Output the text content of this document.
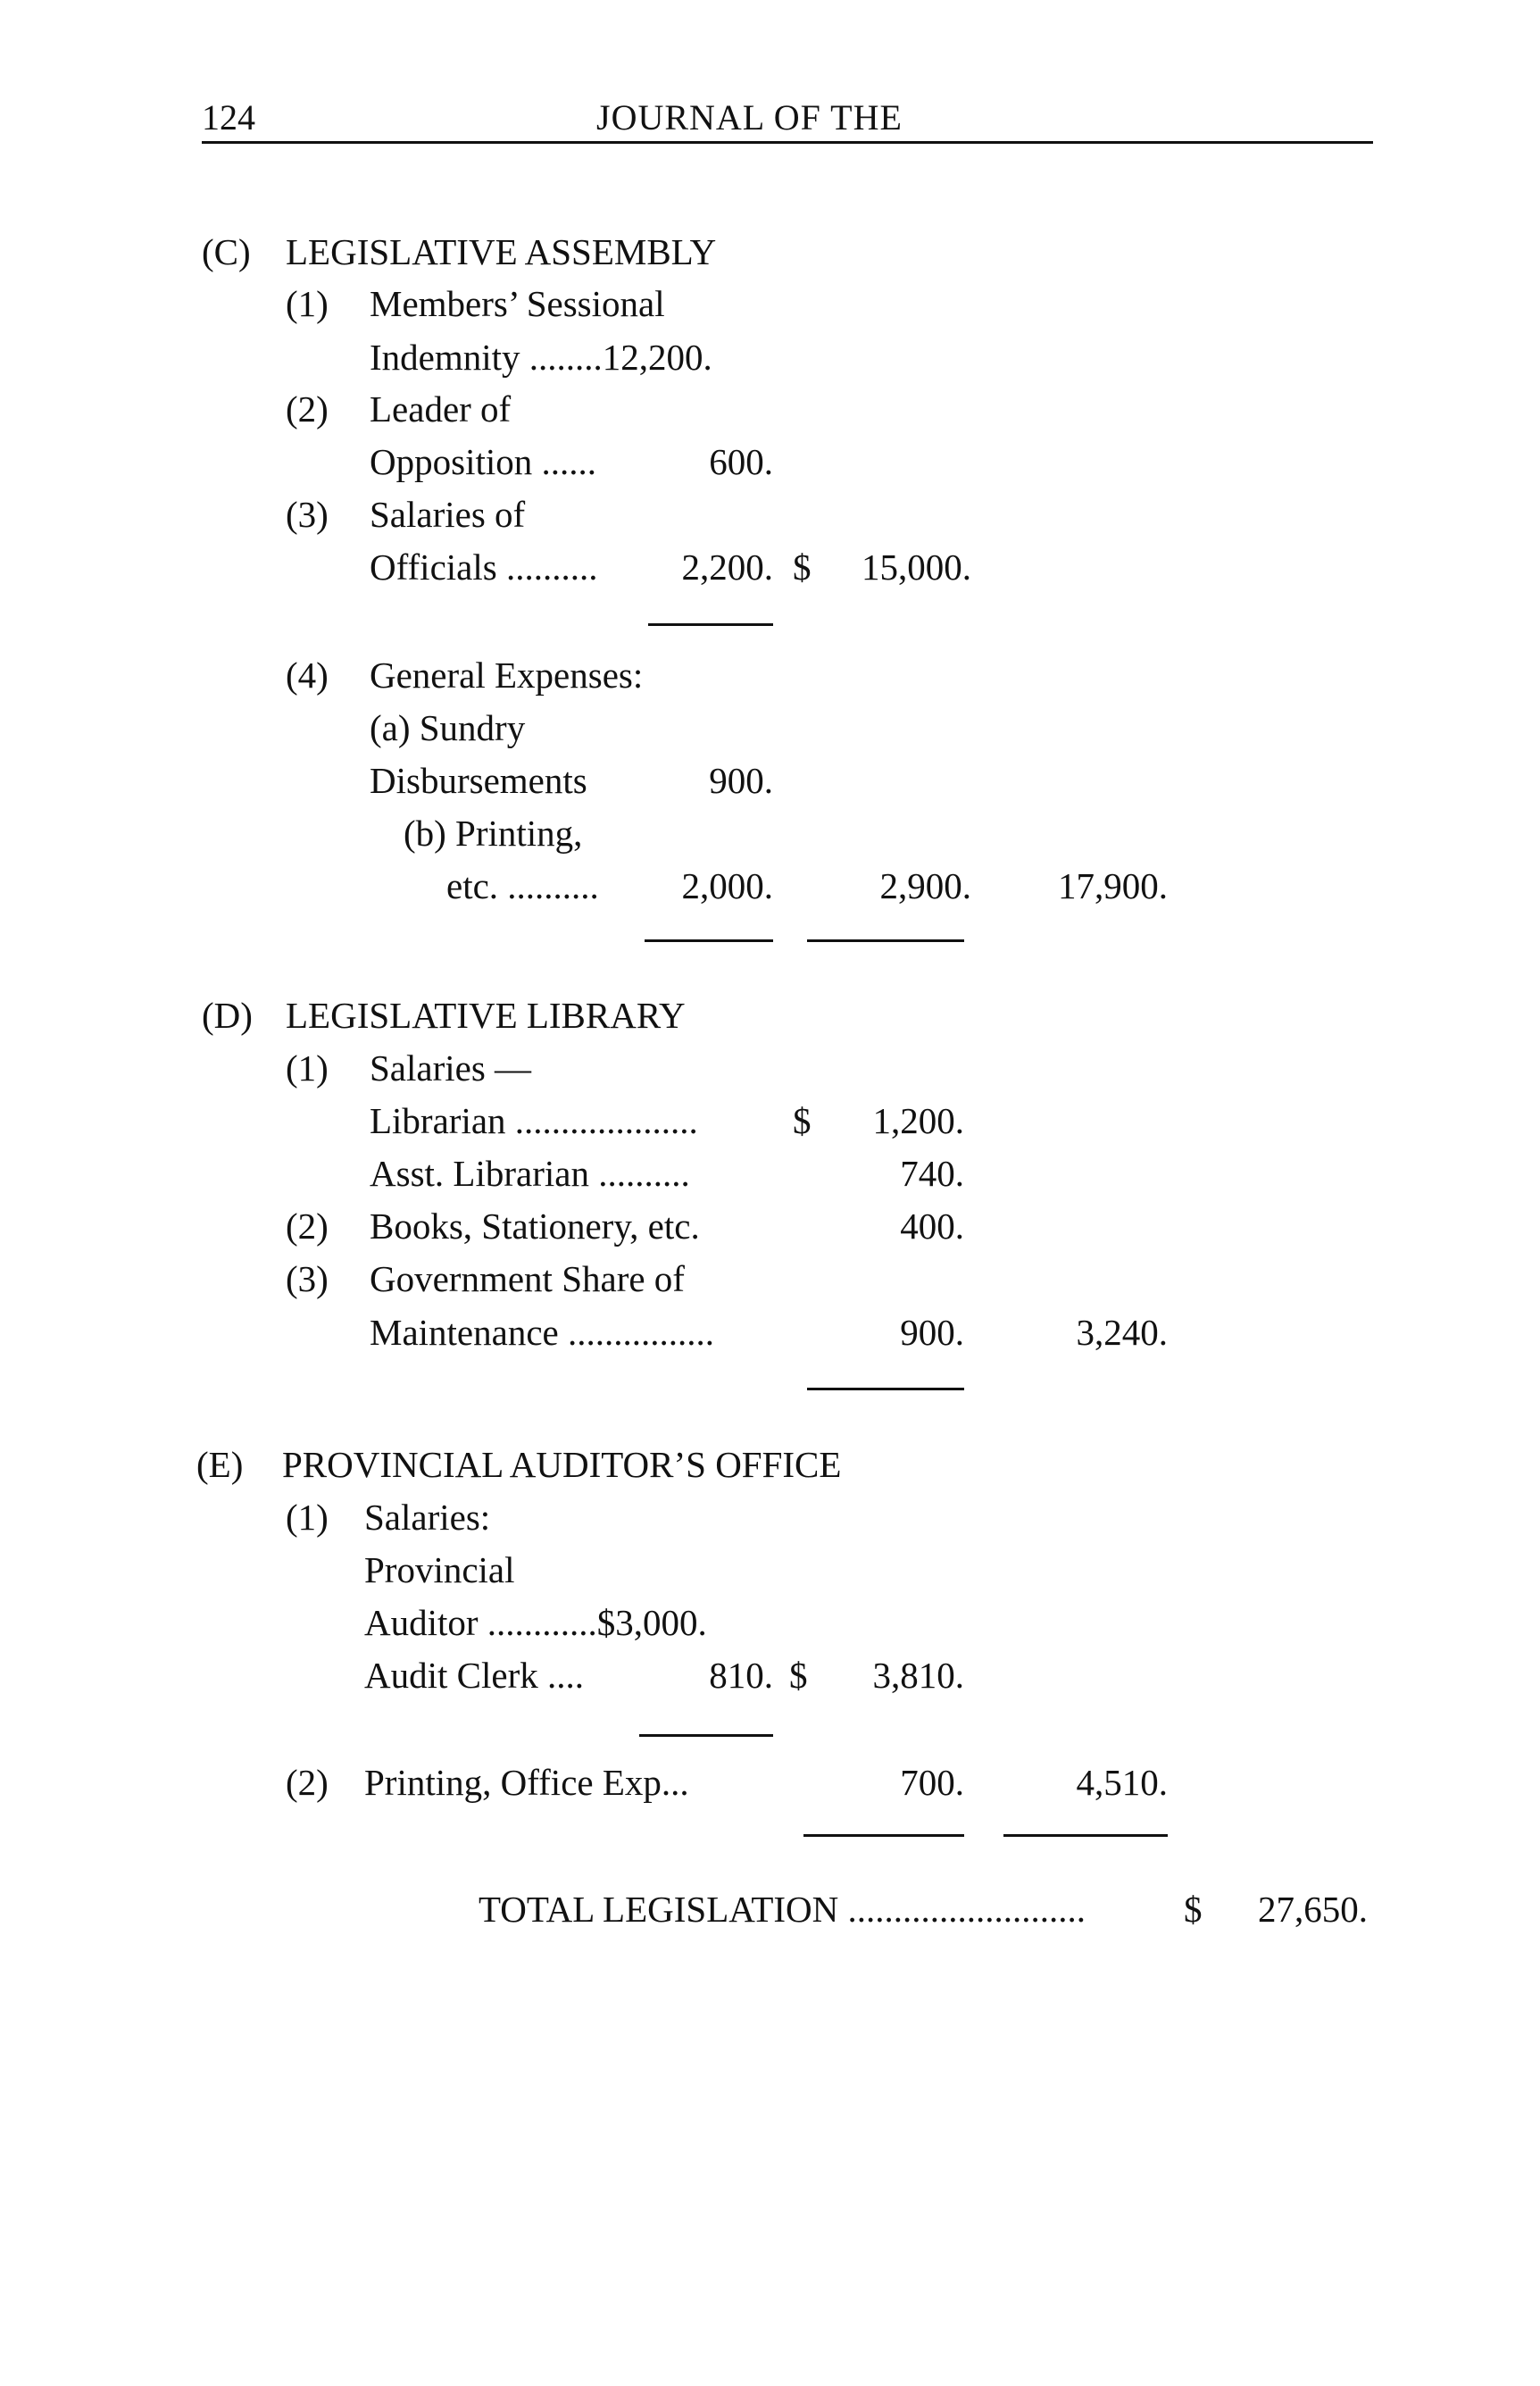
124	JOURNAL OF THE
(C) LEGISLATIVE ASSEMBLY
(1) Members’ Sessional
Indemnity ........12,200.
(2) Leader of
Opposition ......	600.
(3) Salaries of
Officials ..........	2,200. $	15,000.
(4) General Expenses:
(a) Sundry
Disbursements	900.
(b) Printing,
etc. ..........	2,000.	2,900.	17,900.
(D) LEGISLATIVE LIBRARY
(1) Salaries —
Librarian ....................	$	1,200.
Asst. Librarian ..........	740.
(2) Books, Stationery, etc.	400.
(3) Government Share of
Maintenance ................	900.	3,240.
(E) PROVINCIAL AUDITOR’S OFFICE
(1) Salaries:
Provincial
Auditor ............$3,000.
Audit Clerk ....	810. $	3,810.
(2) Printing, Office Exp...	700.	4,510.
TOTAL LEGISLATION ..........................	$	27,650.
